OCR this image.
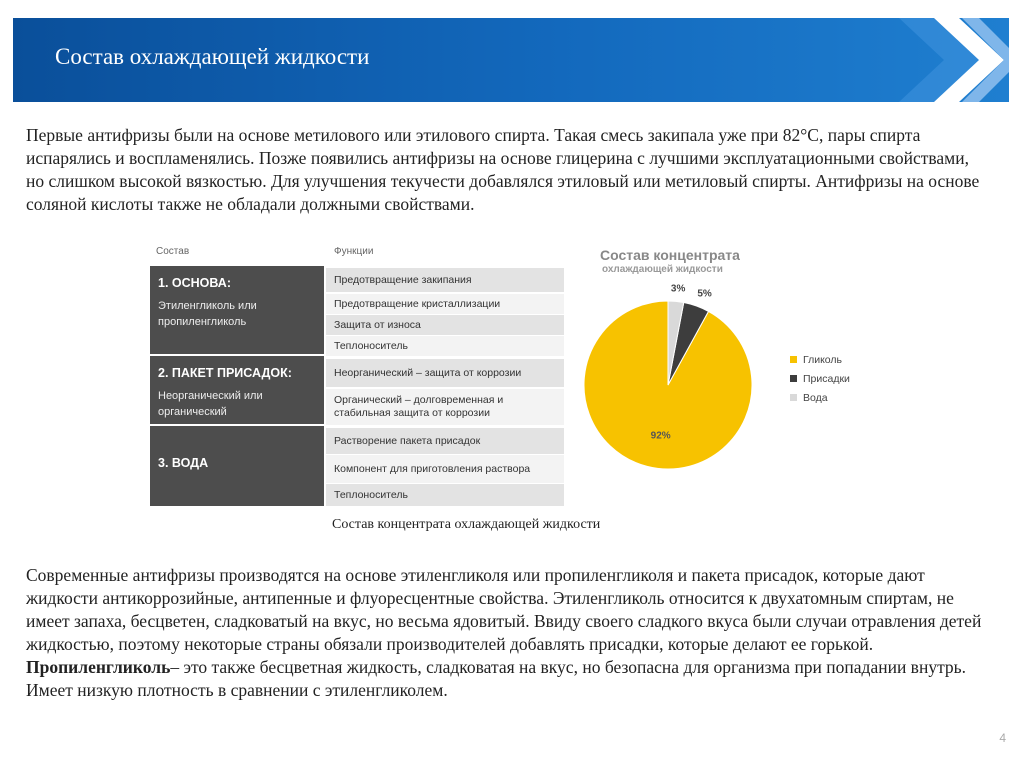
Состав охлаждающей жидкости

Первые антифризы были на основе метилового или этилового спирта. Такая смесь закипала уже при 82°С, пары спирта испарялись и воспламенялись. Позже появились антифризы на основе глицерина с лучшими эксплуатационными свойствами, но слишком высокой вязкостью. Для улучшения текучести добавлялся этиловый или метиловый спирты. Антифризы на основе соляной кислоты также не обладали должными свойствами.

Состав	Функции
1. ОСНОВА:
Этиленгликоль или пропиленгликоль
2. ПАКЕТ ПРИСАДОК:
Неорганический или органический
3. ВОДА
Предотвращение закипания
Предотвращение кристаллизации
Защита от износа
Теплоноситель
Неорганический – защита от коррозии
Органический – долговременная и стабильная защита от коррозии
Растворение пакета присадок
Компонент для приготовления раствора
Теплоноситель
Состав концентрата
охлаждающей жидкости
92%
5%
3%
Гликоль
Присадки
Вода
Состав концентрата охлаждающей жидкости

Современные антифризы производятся на основе этиленгликоля или пропиленгликоля и пакета присадок, которые дают жидкости антикоррозийные, антипенные и флуоресцентные свойства. Этиленгликоль относится к двухатомным спиртам, не имеет запаха, бесцветен, сладковатый на вкус, но весьма ядовитый. Ввиду своего сладкого вкуса были случаи отравления детей жидкостью, поэтому некоторые страны обязали производителей добавлять присадки, которые делают ее горькой.
Пропиленгликоль– это также бесцветная жидкость, сладковатая на вкус, но безопасна для организма при попадании внутрь. Имеет низкую плотность в сравнении с этиленгликолем.

4
